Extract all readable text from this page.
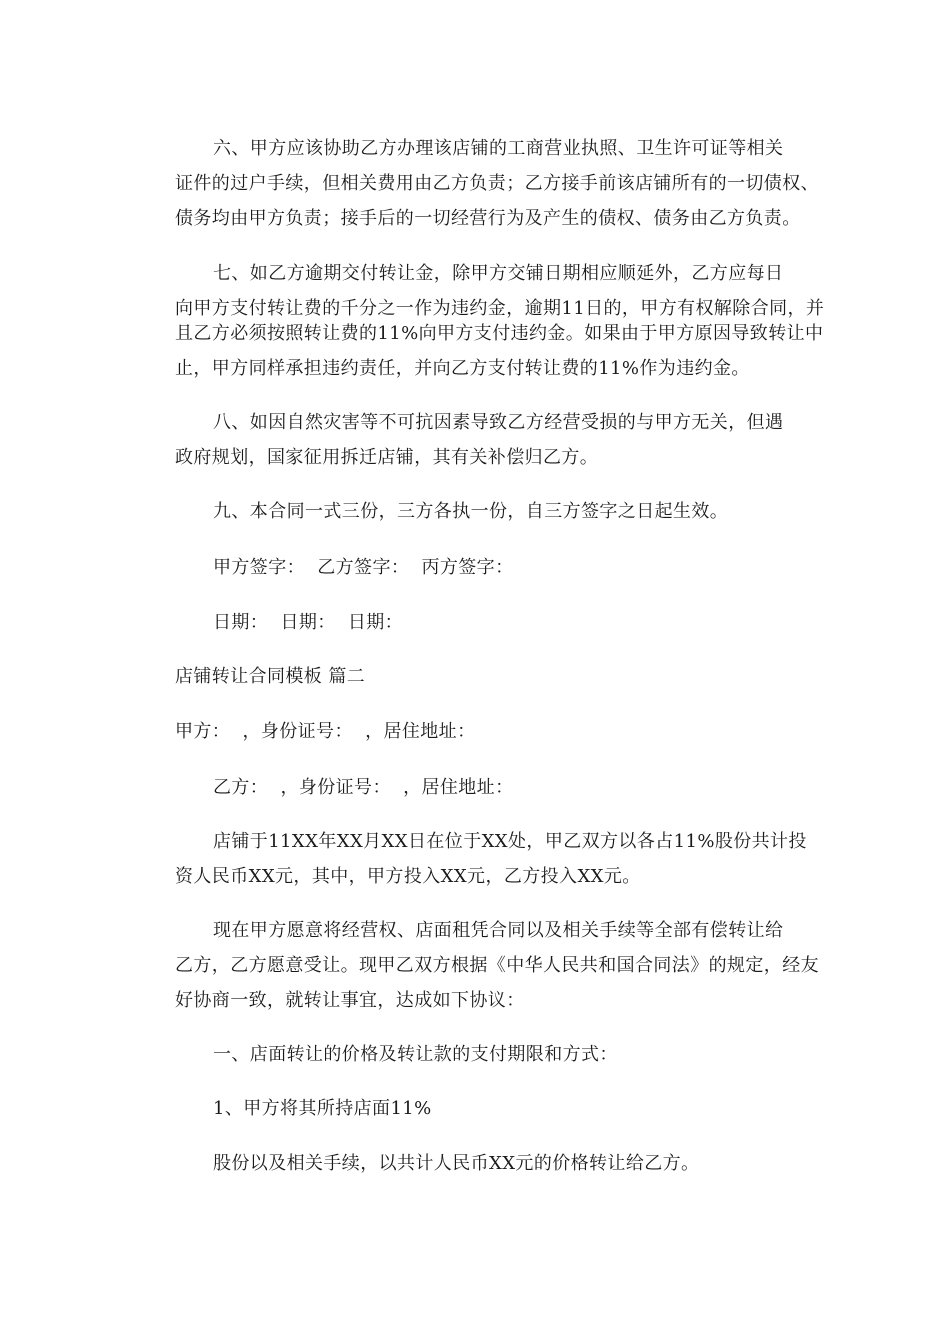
六、甲方应该协助乙方办理该店铺的工商营业执照、卫生许可证等相关
证件的过户手续，但相关费用由乙方负责；乙方接手前该店铺所有的一切债权、
债务均由甲方负责；接手后的一切经营行为及产生的债权、债务由乙方负责。
七、如乙方逾期交付转让金，除甲方交铺日期相应顺延外，乙方应每日
向甲方支付转让费的千分之一作为违约金，逾期11日的，甲方有权解除合同，并
且乙方必须按照转让费的11%向甲方支付违约金。如果由于甲方原因导致转让中
止，甲方同样承担违约责任，并向乙方支付转让费的11%作为违约金。
八、如因自然灾害等不可抗因素导致乙方经营受损的与甲方无关，但遇
政府规划，国家征用拆迁店铺，其有关补偿归乙方。
九、本合同一式三份，三方各执一份，自三方签字之日起生效。
甲方签字：  乙方签字：  丙方签字：
日期：  日期：  日期：
店铺转让合同模板 篇二
甲方：  ，身份证号：  ，居住地址：
乙方：  ，身份证号：  ，居住地址：
店铺于11XX年XX月XX日在位于XX处，甲乙双方以各占11%股份共计投
资人民币XX元，其中，甲方投入XX元，乙方投入XX元。
现在甲方愿意将经营权、店面租凭合同以及相关手续等全部有偿转让给
乙方，乙方愿意受让。现甲乙双方根据《中华人民共和国合同法》的规定，经友
好协商一致，就转让事宜，达成如下协议：
一、店面转让的价格及转让款的支付期限和方式：
1、甲方将其所持店面11%
股份以及相关手续，以共计人民币XX元的价格转让给乙方。
